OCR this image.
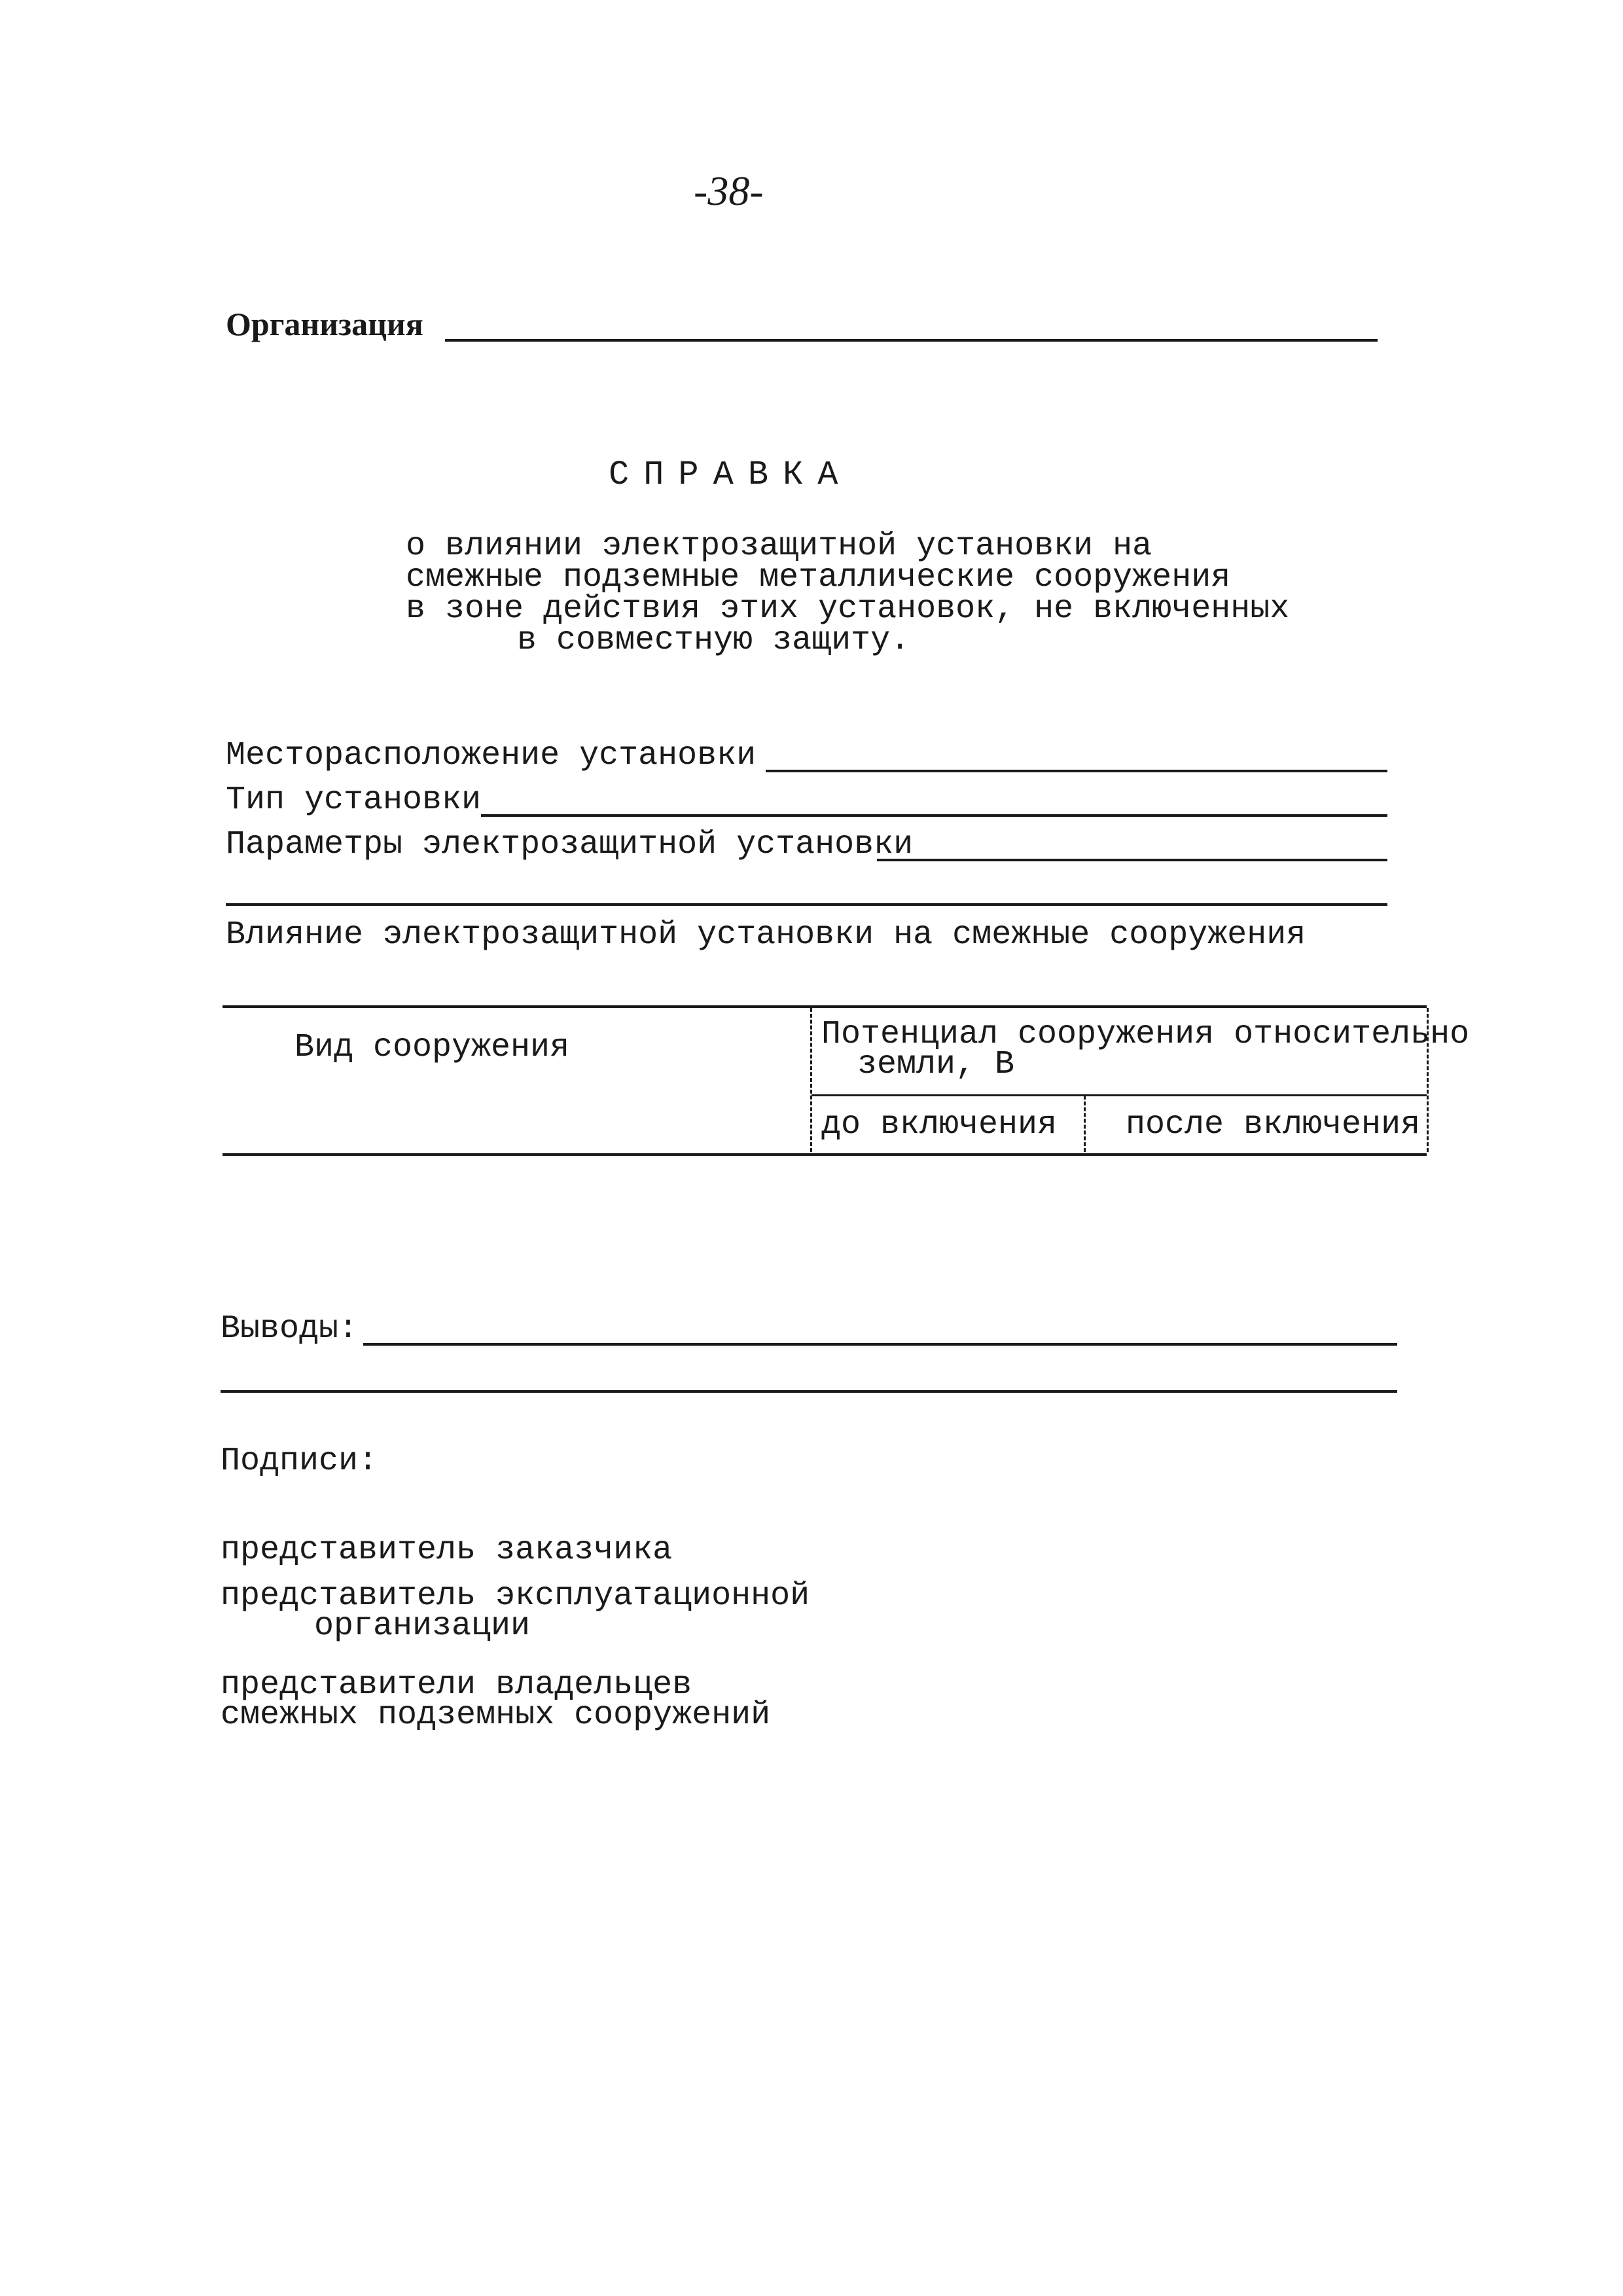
-38-
Организация
СПРАВКА
о влиянии электрозащитной установки на
смежные подземные металлические сооружения
в зоне действия этих установок, не включенных
в совместную защиту.
Месторасположение установки
Тип установки
Параметры электрозащитной установки
Влияние электрозащитной установки на смежные сооружения
Вид сооружения	Потенциал сооружения относительно
земли, В
до включения после включения
Выводы:
Подписи:
представитель заказчика
представитель эксплуатационной
организации
представители владельцев
смежных подземных сооружений
